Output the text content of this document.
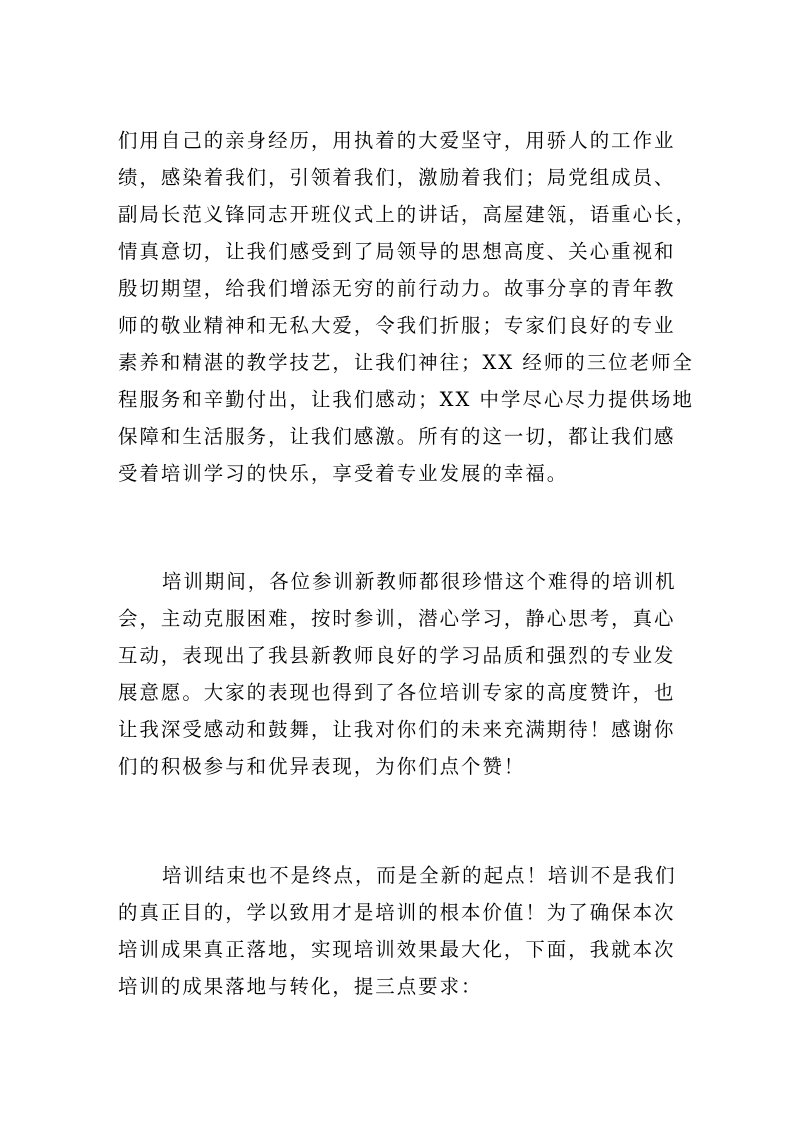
们用自己的亲身经历，用执着的大爱坚守，用骄人的工作业
绩，感染着我们，引领着我们，激励着我们；局党组成员、
副局长范义锋同志开班仪式上的讲话，高屋建瓴，语重心长，
情真意切，让我们感受到了局领导的思想高度、关心重视和
殷切期望，给我们增添无穷的前行动力。故事分享的青年教
师的敬业精神和无私大爱，令我们折服；专家们良好的专业
素养和精湛的教学技艺，让我们神往；XX 经师的三位老师全
程服务和辛勤付出，让我们感动；XX 中学尽心尽力提供场地
保障和生活服务，让我们感激。所有的这一切，都让我们感
受着培训学习的快乐，享受着专业发展的幸福。
培训期间，各位参训新教师都很珍惜这个难得的培训机
会，主动克服困难，按时参训，潜心学习，静心思考，真心
互动，表现出了我县新教师良好的学习品质和强烈的专业发
展意愿。大家的表现也得到了各位培训专家的高度赞许，也
让我深受感动和鼓舞，让我对你们的未来充满期待！感谢你
们的积极参与和优异表现，为你们点个赞！
培训结束也不是终点，而是全新的起点！培训不是我们
的真正目的，学以致用才是培训的根本价值！为了确保本次
培训成果真正落地，实现培训效果最大化，下面，我就本次
培训的成果落地与转化，提三点要求：
